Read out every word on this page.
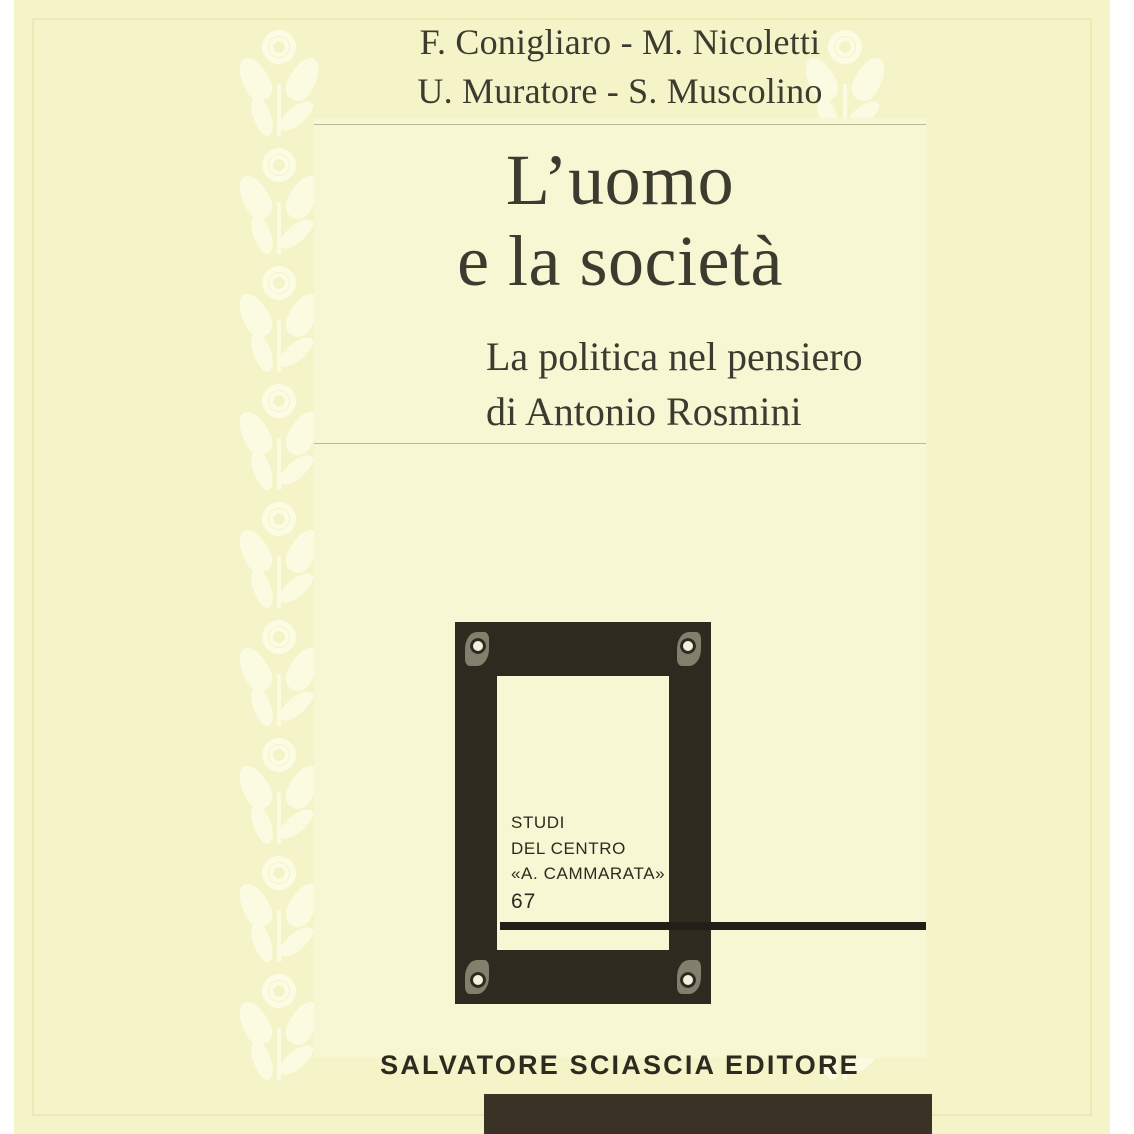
F. Conigliaro - M. Nicoletti
U. Muratore - S. Muscolino
L’uomo
e la società
La politica nel pensiero
di Antonio Rosmini
STUDI
DEL CENTRO
«A. CAMMARATA»
67
SALVATORE SCIASCIA EDITORE
